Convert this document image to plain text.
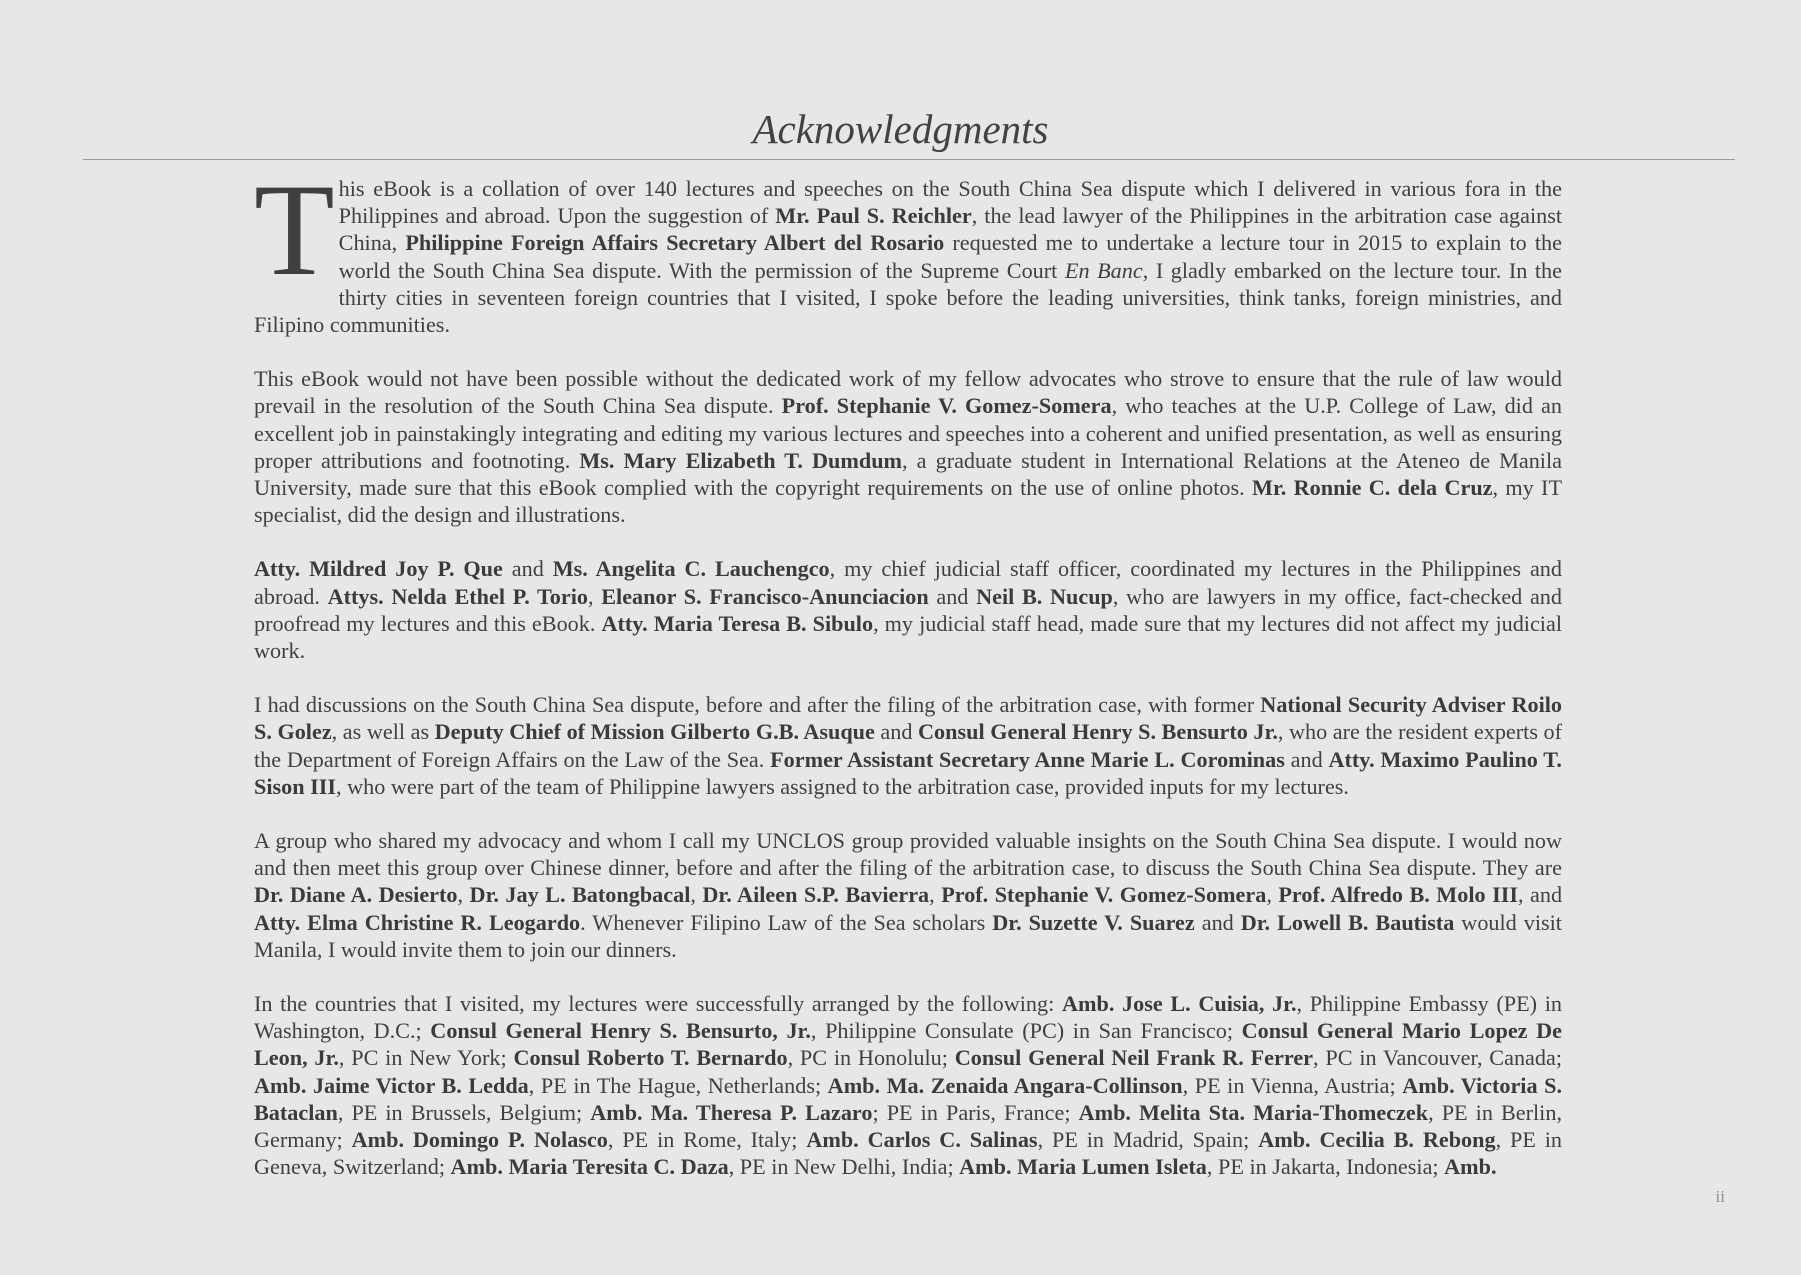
Acknowledgments

This eBook is a collation of over 140 lectures and speeches on the South China Sea dispute which I delivered in various fora in the Philippines and abroad. Upon the suggestion of Mr. Paul S. Reichler, the lead lawyer of the Philippines in the arbitration case against China, Philippine Foreign Affairs Secretary Albert del Rosario requested me to undertake a lecture tour in 2015 to explain to the world the South China Sea dispute. With the permission of the Supreme Court En Banc, I gladly embarked on the lecture tour. In the thirty cities in seventeen foreign countries that I visited, I spoke before the leading universities, think tanks, foreign ministries, and Filipino communities.

This eBook would not have been possible without the dedicated work of my fellow advocates who strove to ensure that the rule of law would prevail in the resolution of the South China Sea dispute. Prof. Stephanie V. Gomez-Somera, who teaches at the U.P. College of Law, did an excellent job in painstakingly integrating and editing my various lectures and speeches into a coherent and unified presentation, as well as ensuring proper attributions and footnoting. Ms. Mary Elizabeth T. Dumdum, a graduate student in International Relations at the Ateneo de Manila University, made sure that this eBook complied with the copyright requirements on the use of online photos. Mr. Ronnie C. dela Cruz, my IT specialist, did the design and illustrations.

Atty. Mildred Joy P. Que and Ms. Angelita C. Lauchengco, my chief judicial staff officer, coordinated my lectures in the Philippines and abroad. Attys. Nelda Ethel P. Torio, Eleanor S. Francisco-Anunciacion and Neil B. Nucup, who are lawyers in my office, fact-checked and proofread my lectures and this eBook. Atty. Maria Teresa B. Sibulo, my judicial staff head, made sure that my lectures did not affect my judicial work.

I had discussions on the South China Sea dispute, before and after the filing of the arbitration case, with former National Security Adviser Roilo S. Golez, as well as Deputy Chief of Mission Gilberto G.B. Asuque and Consul General Henry S. Bensurto Jr., who are the resident experts of the Department of Foreign Affairs on the Law of the Sea. Former Assistant Secretary Anne Marie L. Corominas and Atty. Maximo Paulino T. Sison III, who were part of the team of Philippine lawyers assigned to the arbitration case, provided inputs for my lectures.

A group who shared my advocacy and whom I call my UNCLOS group provided valuable insights on the South China Sea dispute. I would now and then meet this group over Chinese dinner, before and after the filing of the arbitration case, to discuss the South China Sea dispute. They are Dr. Diane A. Desierto, Dr. Jay L. Batongbacal, Dr. Aileen S.P. Bavierra, Prof. Stephanie V. Gomez-Somera, Prof. Alfredo B. Molo III, and Atty. Elma Christine R. Leogardo. Whenever Filipino Law of the Sea scholars Dr. Suzette V. Suarez and Dr. Lowell B. Bautista would visit Manila, I would invite them to join our dinners.

In the countries that I visited, my lectures were successfully arranged by the following: Amb. Jose L. Cuisia, Jr., Philippine Embassy (PE) in Washington, D.C.; Consul General Henry S. Bensurto, Jr., Philippine Consulate (PC) in San Francisco; Consul General Mario Lopez De Leon, Jr., PC in New York; Consul Roberto T. Bernardo, PC in Honolulu; Consul General Neil Frank R. Ferrer, PC in Vancouver, Canada; Amb. Jaime Victor B. Ledda, PE in The Hague, Netherlands; Amb. Ma. Zenaida Angara-Collinson, PE in Vienna, Austria; Amb. Victoria S. Bataclan, PE in Brussels, Belgium; Amb. Ma. Theresa P. Lazaro; PE in Paris, France; Amb. Melita Sta. Maria-Thomeczek, PE in Berlin, Germany; Amb. Domingo P. Nolasco, PE in Rome, Italy; Amb. Carlos C. Salinas, PE in Madrid, Spain; Amb. Cecilia B. Rebong, PE in Geneva, Switzerland; Amb. Maria Teresita C. Daza, PE in New Delhi, India; Amb. Maria Lumen Isleta, PE in Jakarta, Indonesia; Amb.

ii
